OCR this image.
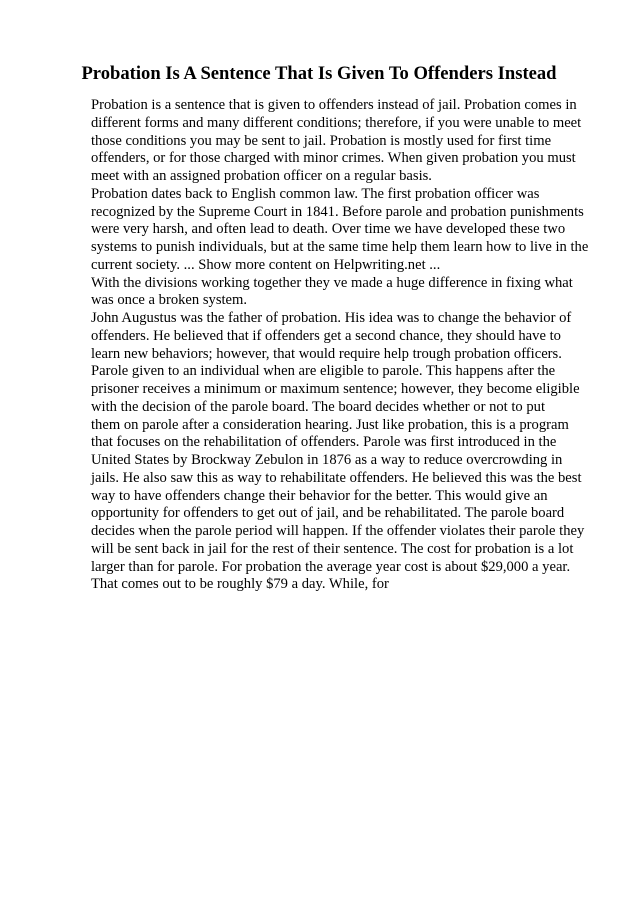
Probation Is A Sentence That Is Given To Offenders Instead
Probation is a sentence that is given to offenders instead of jail. Probation comes in
different forms and many different conditions; therefore, if you were unable to meet
those conditions you may be sent to jail. Probation is mostly used for first time
offenders, or for those charged with minor crimes. When given probation you must
meet with an assigned probation officer on a regular basis.
Probation dates back to English common law. The first probation officer was
recognized by the Supreme Court in 1841. Before parole and probation punishments
were very harsh, and often lead to death. Over time we have developed these two
systems to punish individuals, but at the same time help them learn how to live in the
current society. ... Show more content on Helpwriting.net ...
With the divisions working together they ve made a huge difference in fixing what
was once a broken system.
John Augustus was the father of probation. His idea was to change the behavior of
offenders. He believed that if offenders get a second chance, they should have to
learn new behaviors; however, that would require help trough probation officers.
Parole given to an individual when are eligible to parole. This happens after the
prisoner receives a minimum or maximum sentence; however, they become eligible
with the decision of the parole board. The board decides whether or not to put
them on parole after a consideration hearing. Just like probation, this is a program
that focuses on the rehabilitation of offenders. Parole was first introduced in the
United States by Brockway Zebulon in 1876 as a way to reduce overcrowding in
jails. He also saw this as way to rehabilitate offenders. He believed this was the best
way to have offenders change their behavior for the better. This would give an
opportunity for offenders to get out of jail, and be rehabilitated. The parole board
decides when the parole period will happen. If the offender violates their parole they
will be sent back in jail for the rest of their sentence. The cost for probation is a lot
larger than for parole. For probation the average year cost is about $29,000 a year.
That comes out to be roughly $79 a day. While, for
